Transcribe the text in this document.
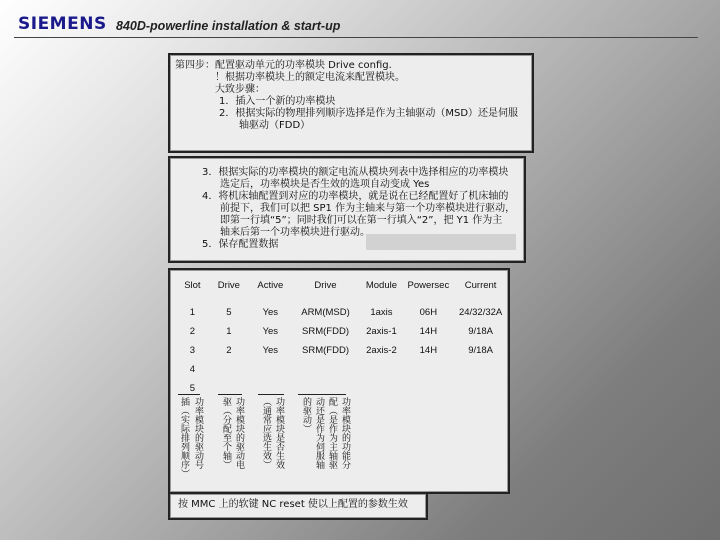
SIEMENS 840D-powerline installation & start-up	Configuration

第四步：配置驱动单元的功率模块 Drive config.

！根据功率模块上的额定电流来配置模块。

大致步骤：

1．插入一个新的功率模块

2．根据实际的物理排列顺序选择是作为主轴驱动（MSD）还是伺服

轴驱动（FDD）

3．根据实际的功率模块的额定电流从模块列表中选择相应的功率模块

选定后，功率模块是否生效的选项自动变成 Yes

4．将机床轴配置到对应的功率模块，就是说在已经配置好了机床轴的

前提下，我们可以把 SP1 作为主轴来与第一个功率模块进行驱动，

即第一行填“5”；同时我们可以在第一行填入“2”，把 Y1 作为主

轴来后第一个功率模块进行驱动。

5．保存配置数据

Slot	Drive	Active	Drive	Module	Powersec	Current
1	5	Yes	ARM(MSD)	1axis	06H	24/32/32A
2	1	Yes	SRM(FDD)	2axis-1	14H	9/18A
3	2	Yes	SRM(FDD)	2axis-2	14H	9/18A
4						
5						
插（实际排列顺序） 功率模块的驱动号 驱（分配至个轴） 功率模块的驱动电 （通常应选生效） 功率模块是否生效 的驱动） 动还是作为伺服轴 配（是作为主轴驱 功率模块的功能分

按 MMC 上的软键 NC reset 使以上配置的参数生效
